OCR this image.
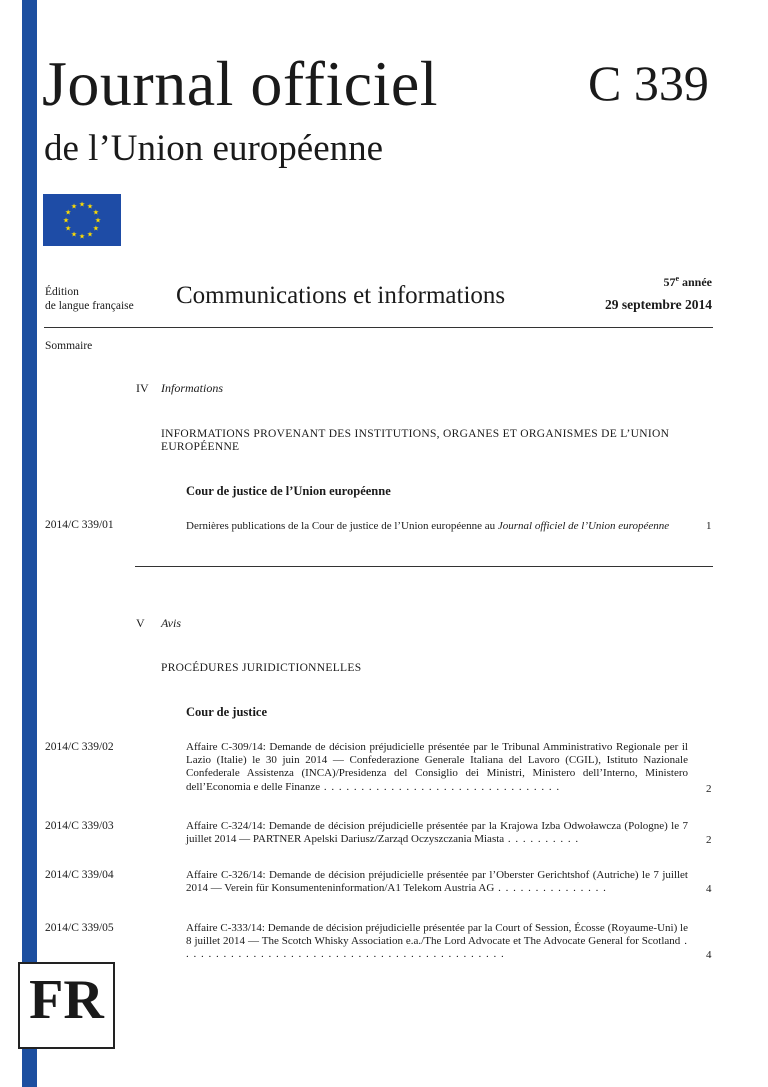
Journal officiel
de l’Union européenne
C 339
★ ★
★
★
★
★
★
★
★
★
★
★
Édition
de langue française Communications et informations	57e année
29 septembre 2014
Sommaire
IV Informations
INFORMATIONS PROVENANT DES INSTITUTIONS, ORGANES ET ORGANISMES DE L’UNION EUROPÉENNE
Cour de justice de l’Union européenne
2014/C 339/01	Dernières publications de la Cour de justice de l’Union européenne au Journal officiel de l’Union européenne	1
V Avis
PROCÉDURES JURIDICTIONNELLES
Cour de justice
2014/C 339/02	Affaire C-309/14: Demande de décision préjudicielle présentée par le Tribunal Amministrativo Regionale per il Lazio (Italie) le 30 juin 2014 — Confederazione Generale Italiana del Lavoro (CGIL), Istituto Nazionale Confederale Assistenza (INCA)/Presidenza del Consiglio dei Ministri, Ministero dell’Interno, Ministero dell’Economia e delle Finanze . . . . . . . . . . . . . . . . . . . . . . . . . . . . . . . .	2
2014/C 339/03	Affaire C-324/14: Demande de décision préjudicielle présentée par la Krajowa Izba Odwoławcza (Pologne) le 7 juillet 2014 — PARTNER Apelski Dariusz/Zarząd Oczyszczania Miasta . . . . . . . . . .	2
2014/C 339/04	Affaire C-326/14: Demande de décision préjudicielle présentée par l’Oberster Gerichtshof (Autriche) le 7 juillet 2014 — Verein für Konsumenteninformation/A1 Telekom Austria AG . . . . . . . . . . . . . . .	4
2014/C 339/05	Affaire C-333/14: Demande de décision préjudicielle présentée par la Court of Session, Écosse (Royaume-Uni) le 8 juillet 2014 — The Scotch Whisky Association e.a./The Lord Advocate et The Advocate General for Scotland . . . . . . . . . . . . . . . . . . . . . . . . . . . . . . . . . . . . . . . . . . . .	4
FR
